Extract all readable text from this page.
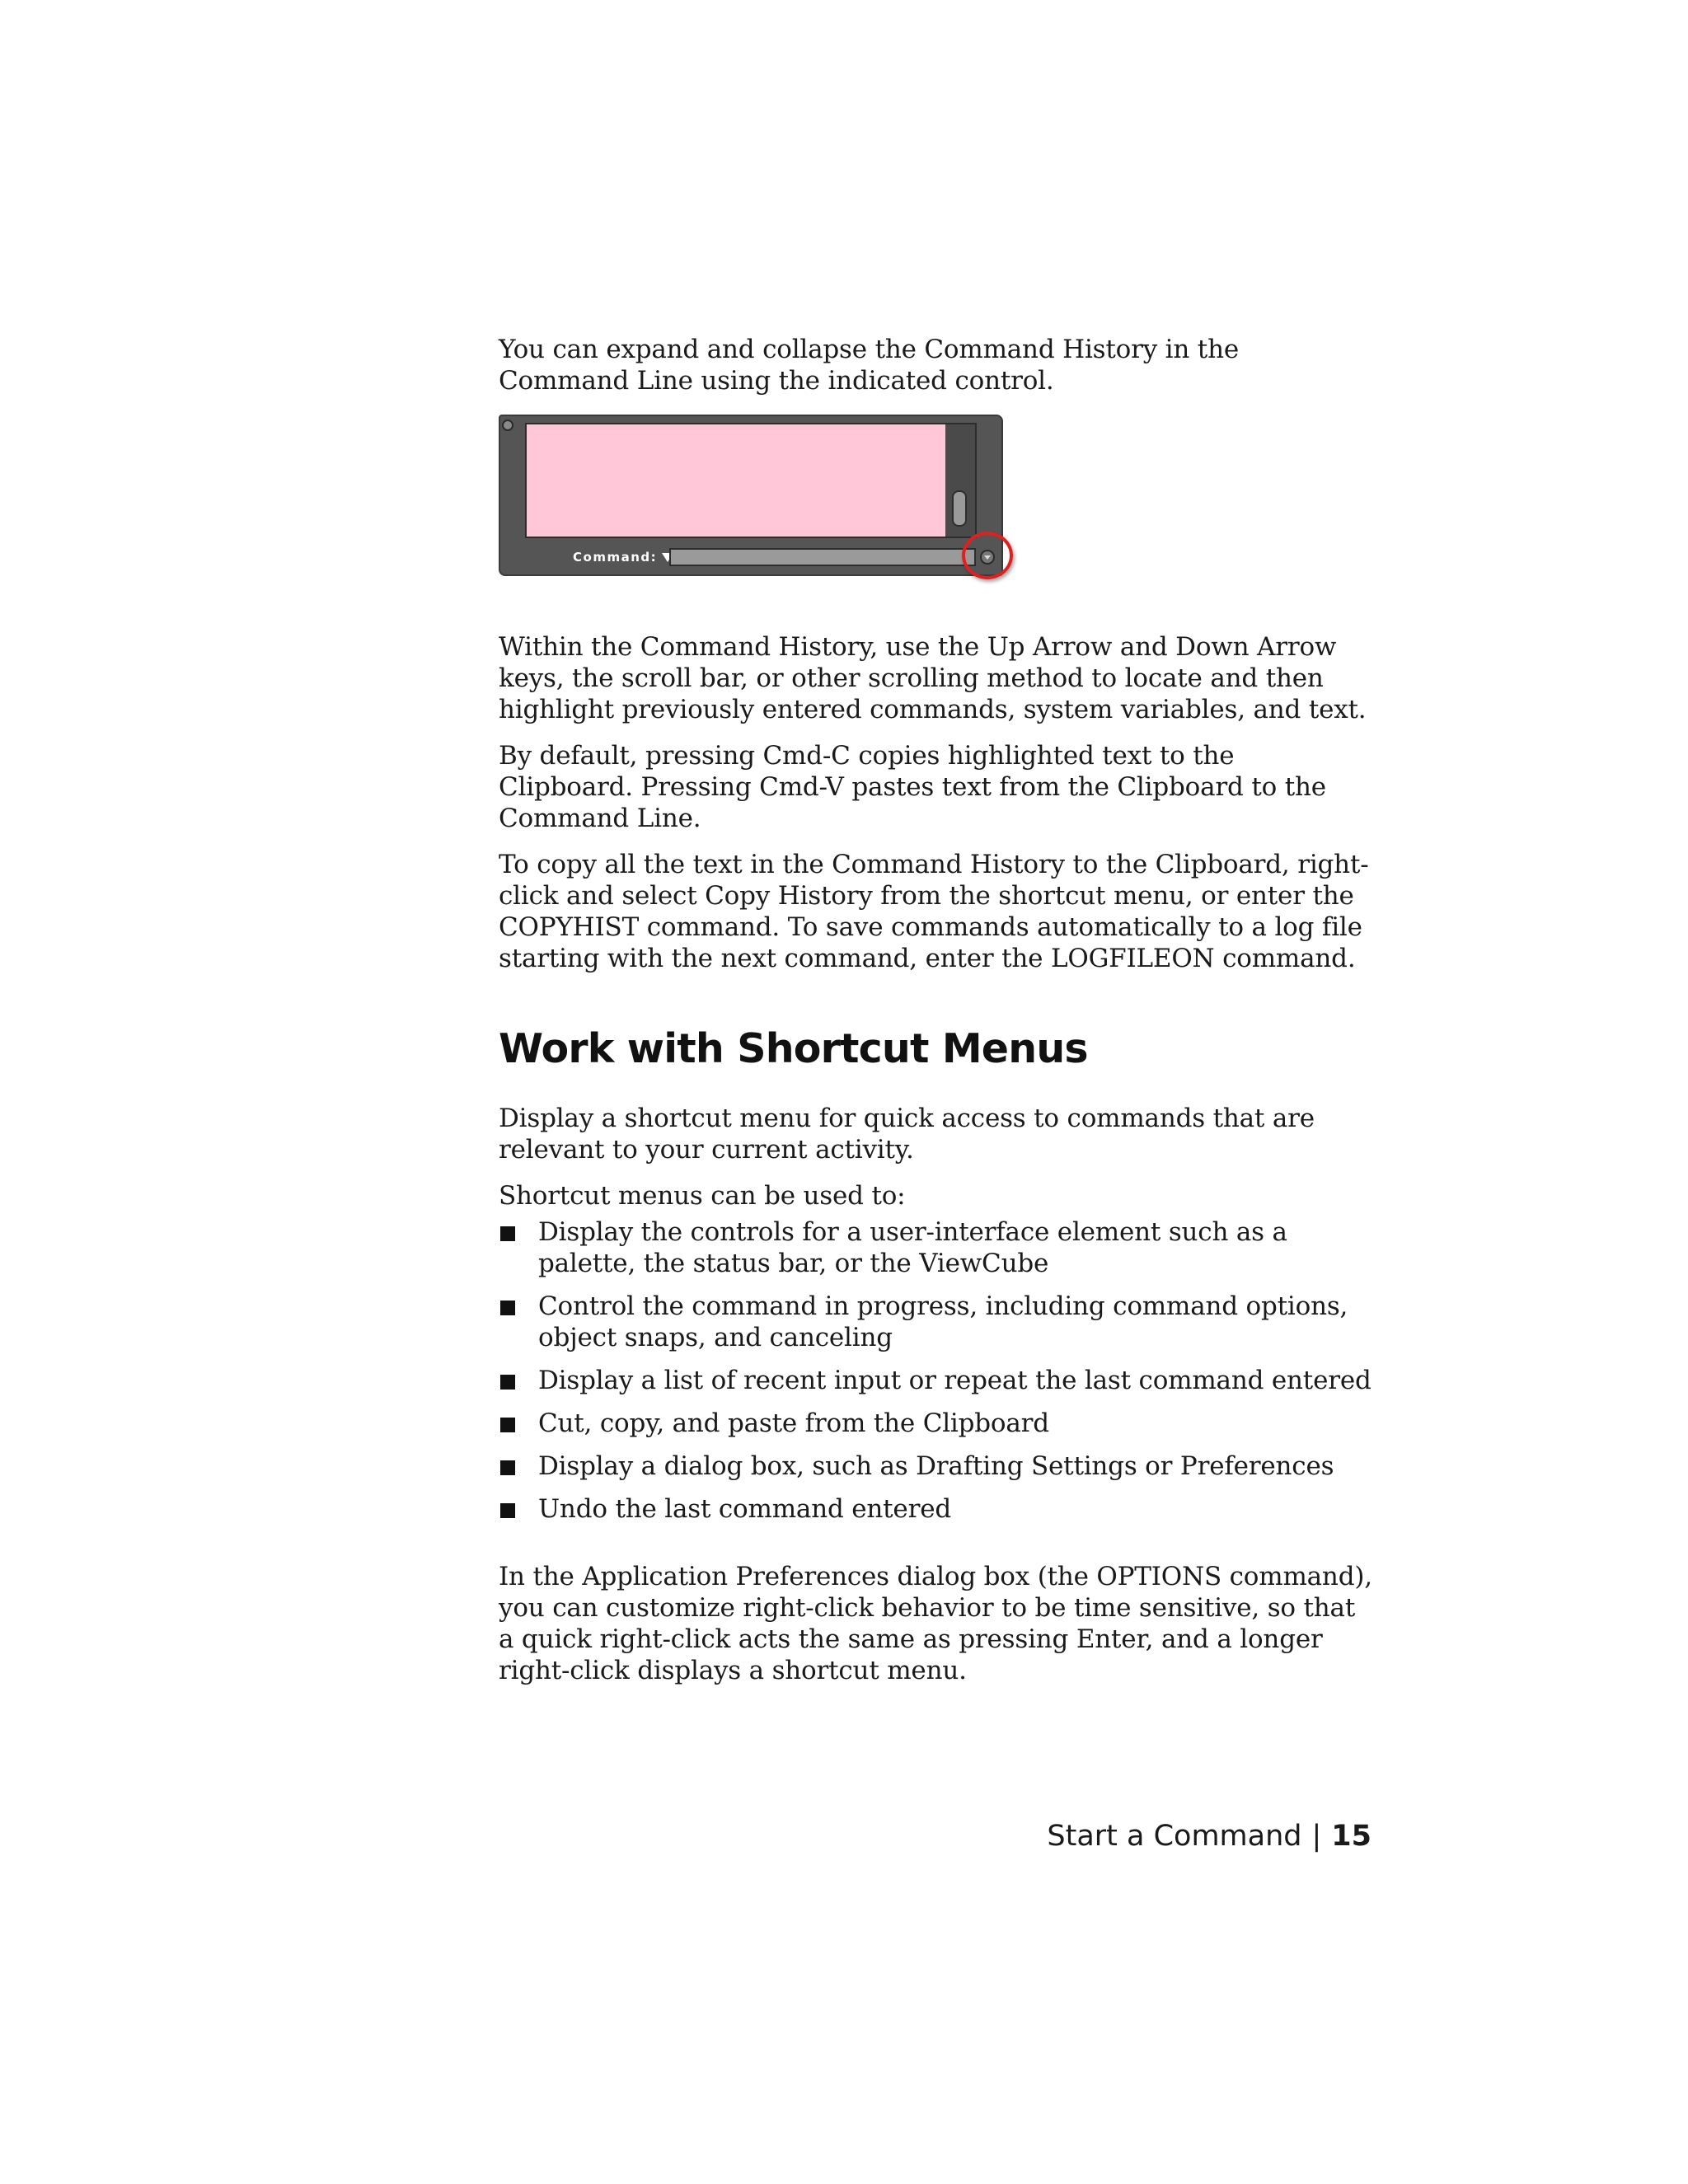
You can expand and collapse the Command History in the Command Line using the indicated control.

Command:

Within the Command History, use the Up Arrow and Down Arrow keys, the scroll bar, or other scrolling method to locate and then highlight previously entered commands, system variables, and text.

By default, pressing Cmd-C copies highlighted text to the Clipboard. Pressing Cmd-V pastes text from the Clipboard to the Command Line.

To copy all the text in the Command History to the Clipboard, right-click and select Copy History from the shortcut menu, or enter the COPYHIST command. To save commands automatically to a log file starting with the next command, enter the LOGFILEON command.

Work with Shortcut Menus

Display a shortcut menu for quick access to commands that are relevant to your current activity.

Shortcut menus can be used to:

Display the controls for a user-interface element such as a palette, the status bar, or the ViewCube
Control the command in progress, including command options, object snaps, and canceling
Display a list of recent input or repeat the last command entered
Cut, copy, and paste from the Clipboard
Display a dialog box, such as Drafting Settings or Preferences
Undo the last command entered

In the Application Preferences dialog box (the OPTIONS command), you can customize right-click behavior to be time sensitive, so that a quick right-click acts the same as pressing Enter, and a longer right-click displays a shortcut menu.

Start a Command | 15
